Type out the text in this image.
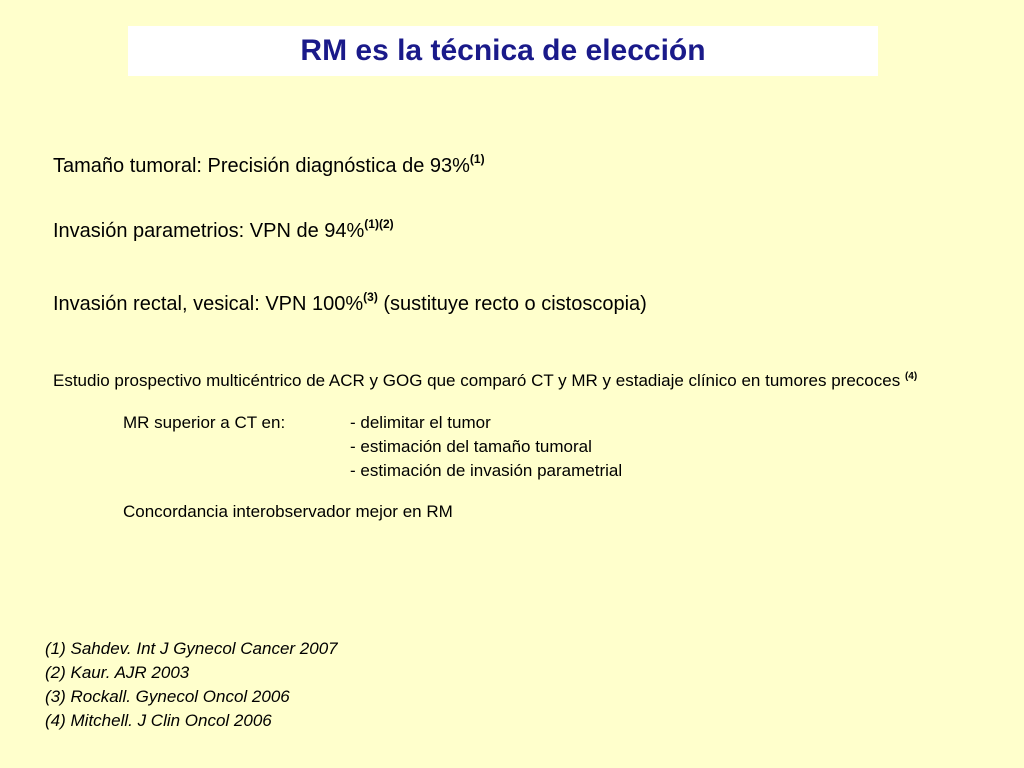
RM es la técnica de elección
Tamaño tumoral: Precisión diagnóstica de 93%$^{(1)}$
Invasión parametrios: VPN de 94%$^{(1)(2)}$
Invasión rectal, vesical: VPN 100%$^{(3)}$ (sustituye recto o cistoscopia)
Estudio prospectivo multicéntrico de ACR y GOG que comparó CT y MR y estadiaje clínico en tumores precoces $^{(4)}$
MR superior a CT en:	- delimitar el tumor
- estimación del tamaño tumoral
- estimación de invasión parametrial
Concordancia interobservador mejor en RM
(1) Sahdev. Int J Gynecol Cancer 2007
(2) Kaur. AJR 2003
(3) Rockall. Gynecol Oncol 2006
(4) Mitchell. J Clin Oncol 2006
